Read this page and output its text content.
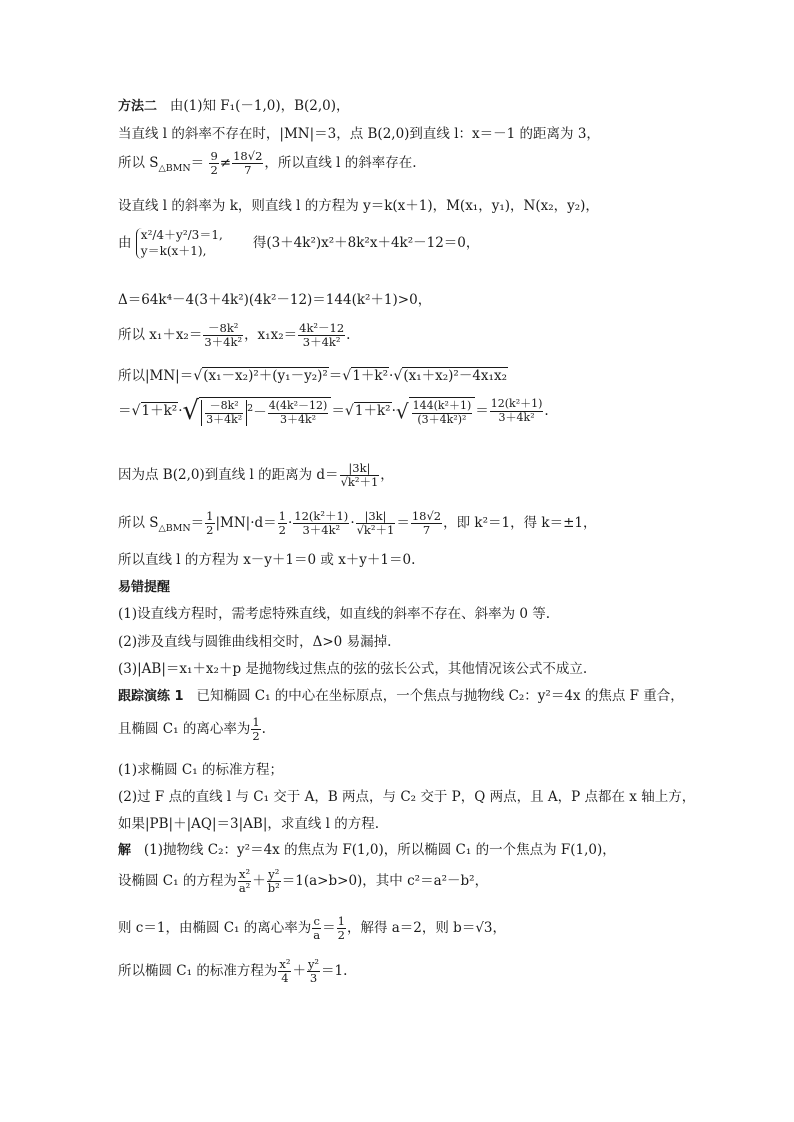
方法二 由(1)知 F₁(－1,0)，B(2,0)，
当直线 l 的斜率不存在时，|MN|＝3，点 B(2,0)到直线 l：x＝－1 的距离为 3，
所以 $S_{\triangle BMN}= \frac{9}{2} \ne \frac{18√2}{7}$ ，所以直线 l 的斜率存在.
设直线 l 的斜率为 k，则直线 l 的方程为 y＝k(x＋1)，M(x₁，y₁)，N(x₂，y₂)，
由
x²/4＋y²/3＝1,
y＝k(x＋1),	得(3＋4k²)x²＋8k²x＋4k²－12＝0，
Δ＝64k⁴－4(3＋4k²)(4k²－12)＝144(k²＋1)>0，
所以 $x_1+x_2= \frac{\text{－8k²}}{\text{3＋4k²}}$ ，$x_1x_2= \frac{\text{4k²－12}}{\text{3＋4k²}}$ .
所以|MN|＝√(x₁－x₂)²＋(y₁－y₂)²＝√1＋k²·√(x₁＋x₂)²－4x₁x₂
$=√1+k^2\cdot√ \frac{\text{－8k²}}{\text{3＋4k²}} ^2- \frac{\text{4(4k²－12)}}{\text{3＋4k²}} =√1+k^2\cdot√ \frac{\text{144(k²＋1)}}{\text{(3＋4k²)²}} = \frac{\text{12(k²＋1)}}{\text{3＋4k²}}$ .
因为点 B(2,0)到直线 l 的距离为 $d= \frac{|3k|}{\text{√k²＋1}}$ ，
所以 $S_{\triangle BMN}= \frac{1}{2} |MN|\cdot d= \frac{1}{2} \cdot \frac{\text{12(k²＋1)}}{\text{3＋4k²}} \cdot \frac{|3k|}{\text{√k²＋1}} = \frac{18√2}{7}$ ，即 k²＝1，得 k＝±1，
所以直线 l 的方程为 x－y＋1＝0 或 x＋y＋1＝0.
易错提醒
(1)设直线方程时，需考虑特殊直线，如直线的斜率不存在、斜率为 0 等.
(2)涉及直线与圆锥曲线相交时，Δ>0 易漏掉.
(3)|AB|＝x₁＋x₂＋p 是抛物线过焦点的弦的弦长公式，其他情况该公式不成立.
跟踪演练 1 已知椭圆 C₁ 的中心在坐标原点，一个焦点与抛物线 C₂：y²＝4x 的焦点 F 重合，
且椭圆 C₁ 的离心率为 $\frac{1}{2}$ .
(1)求椭圆 C₁ 的标准方程；
(2)过 F 点的直线 l 与 C₁ 交于 A，B 两点，与 C₂ 交于 P，Q 两点，且 A，P 点都在 x 轴上方，
如果|PB|＋|AQ|＝3|AB|，求直线 l 的方程.
解 (1)抛物线 C₂：y²＝4x 的焦点为 F(1,0)，所以椭圆 C₁ 的一个焦点为 F(1,0)，
设椭圆 C₁ 的方程为 $\frac{\text{x²}}{\text{a²}} + \frac{\text{y²}}{\text{b²}} =1(a>b>0)$，其中 c²＝a²－b²，
则 c＝1，由椭圆 C₁ 的离心率为 $\frac{c}{a} = \frac{1}{2}$ ，解得 a＝2，则 b＝√3，
所以椭圆 C₁ 的标准方程为 $\frac{\text{x²}}{4} + \frac{\text{y²}}{3} =1$.
